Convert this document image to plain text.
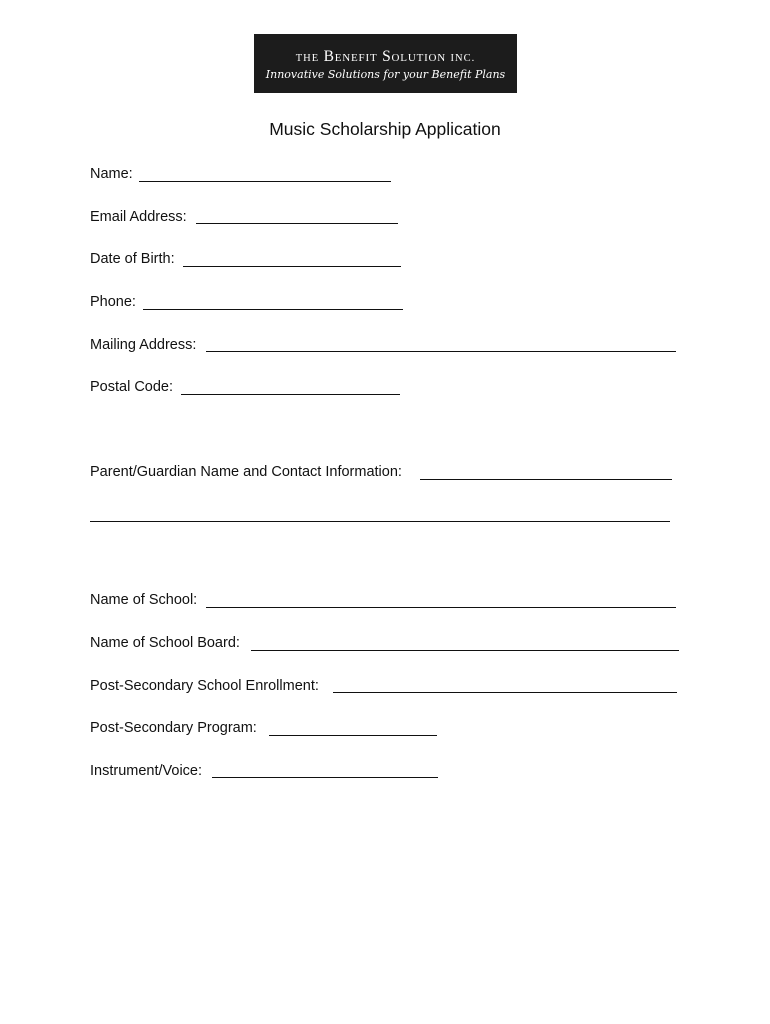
THE Benefit Solution INC.
Innovative Solutions for your Benefit Plans
Music Scholarship Application
Name:
Email Address:
Date of Birth:
Phone:
Mailing Address:
Postal Code:
Parent/Guardian Name and Contact Information:
Name of School:
Name of School Board:
Post-Secondary School Enrollment:
Post-Secondary Program:
Instrument/Voice:
